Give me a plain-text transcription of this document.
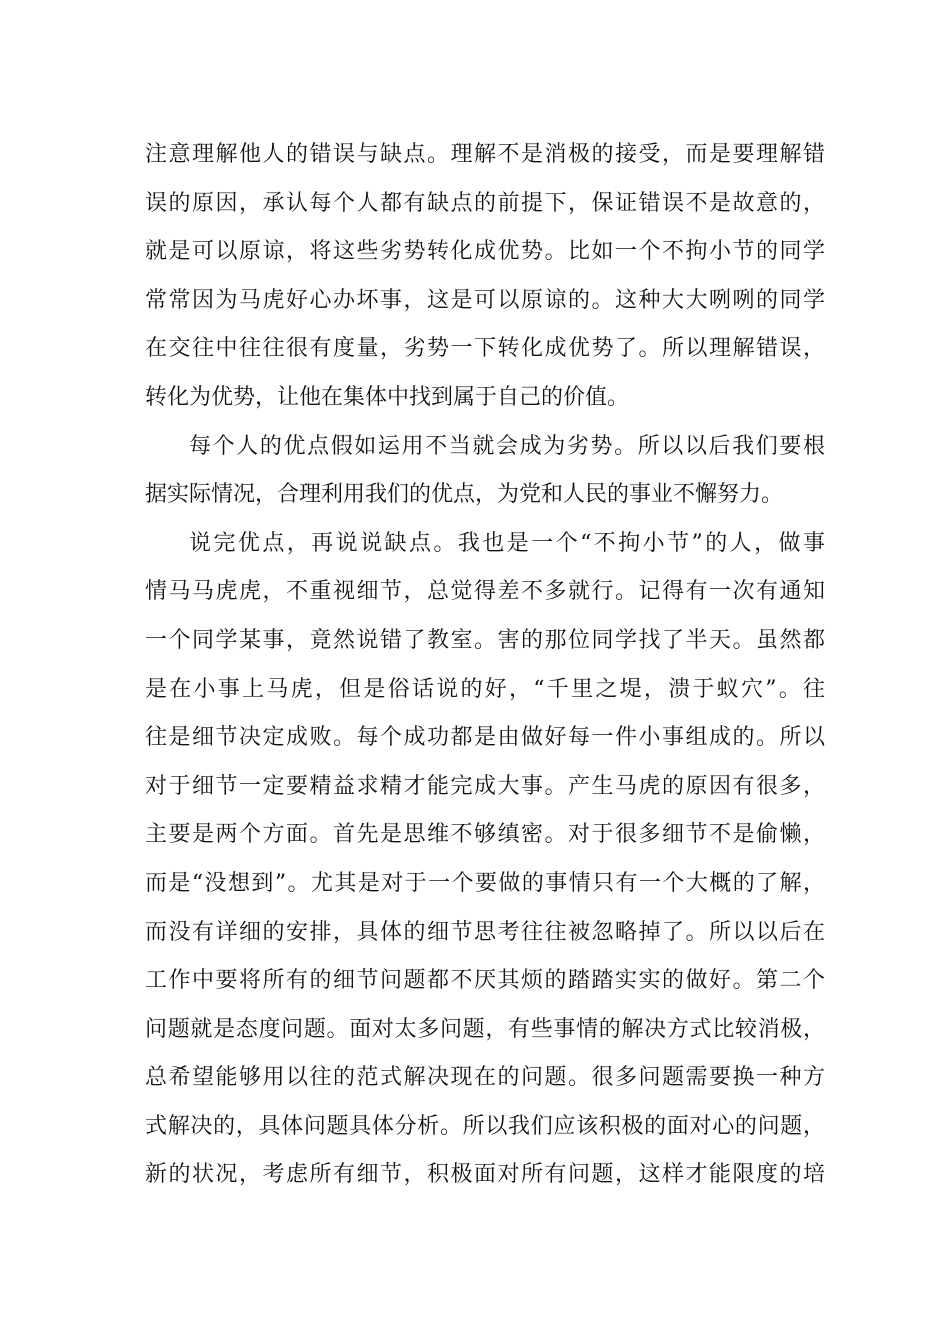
注意理解他人的错误与缺点。理解不是消极的接受，而是要理解错
误的原因，承认每个人都有缺点的前提下，保证错误不是故意的，
就是可以原谅，将这些劣势转化成优势。比如一个不拘小节的同学
常常因为马虎好心办坏事，这是可以原谅的。这种大大咧咧的同学
在交往中往往很有度量，劣势一下转化成优势了。所以理解错误，
转化为优势，让他在集体中找到属于自己的价值。
每个人的优点假如运用不当就会成为劣势。所以以后我们要根
据实际情况，合理利用我们的优点，为党和人民的事业不懈努力。
说完优点，再说说缺点。我也是一个“不拘小节”的人，做事
情马马虎虎，不重视细节，总觉得差不多就行。记得有一次有通知
一个同学某事，竟然说错了教室。害的那位同学找了半天。虽然都
是在小事上马虎，但是俗话说的好，“千里之堤，溃于蚁穴”。往
往是细节决定成败。每个成功都是由做好每一件小事组成的。所以
对于细节一定要精益求精才能完成大事。产生马虎的原因有很多，
主要是两个方面。首先是思维不够缜密。对于很多细节不是偷懒，
而是“没想到”。尤其是对于一个要做的事情只有一个大概的了解，
而没有详细的安排，具体的细节思考往往被忽略掉了。所以以后在
工作中要将所有的细节问题都不厌其烦的踏踏实实的做好。第二个
问题就是态度问题。面对太多问题，有些事情的解决方式比较消极，
总希望能够用以往的范式解决现在的问题。很多问题需要换一种方
式解决的，具体问题具体分析。所以我们应该积极的面对心的问题，
新的状况，考虑所有细节，积极面对所有问题，这样才能限度的培
